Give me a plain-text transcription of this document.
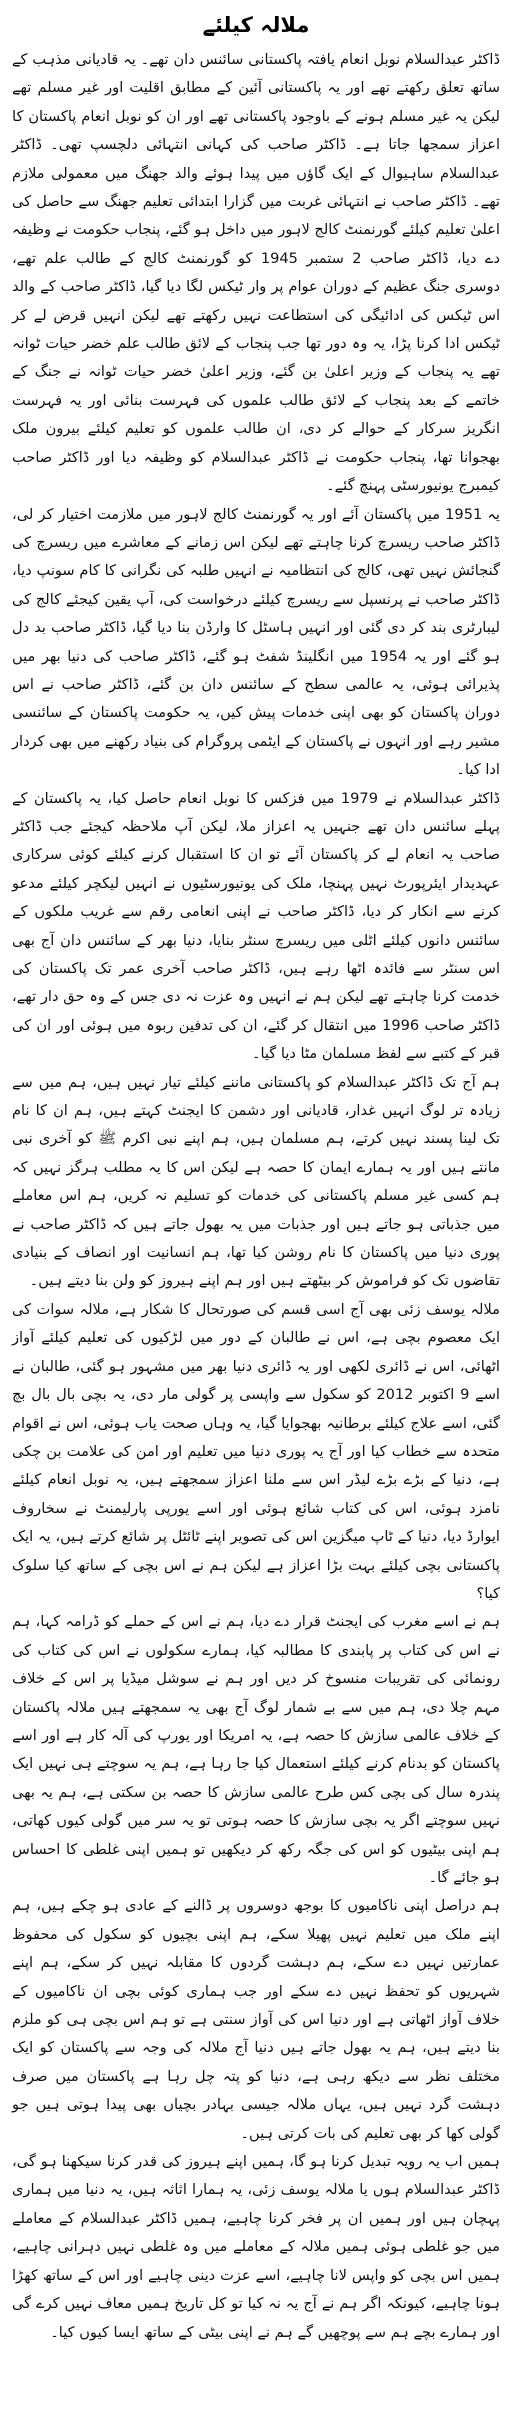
ملالہ کیلئے

ڈاکٹر عبدالسلام نوبل انعام یافتہ پاکستانی سائنس دان تھے۔ یہ قادیانی مذہب کے ساتھ تعلق رکھتے تھے اور یہ پاکستانی آئین کے مطابق اقلیت اور غیر مسلم تھے لیکن یہ غیر مسلم ہونے کے باوجود پاکستانی تھے اور ان کو نوبل انعام پاکستان کا اعزاز سمجھا جاتا ہے۔ ڈاکٹر صاحب کی کہانی انتہائی دلچسپ تھی۔ ڈاکٹر عبدالسلام ساہیوال کے ایک گاؤں میں پیدا ہوئے والد جھنگ میں معمولی ملازم تھے۔ ڈاکٹر صاحب نے انتہائی غربت میں گزارا ابتدائی تعلیم جھنگ سے حاصل کی اعلیٰ تعلیم کیلئے گورنمنٹ کالج لاہور میں داخل ہو گئے، پنجاب حکومت نے وظیفہ دے دیا، ڈاکٹر صاحب 2 ستمبر 1945 کو گورنمنٹ کالج کے طالب علم تھے، دوسری جنگ عظیم کے دوران عوام پر وار ٹیکس لگا دیا گیا، ڈاکٹر صاحب کے والد اس ٹیکس کی ادائیگی کی استطاعت نہیں رکھتے تھے لیکن انہیں قرض لے کر ٹیکس ادا کرنا پڑا، یہ وہ دور تھا جب پنجاب کے لائق طالب علم خضر حیات ٹوانہ تھے یہ پنجاب کے وزیر اعلیٰ بن گئے، وزیر اعلیٰ خضر حیات ٹوانہ نے جنگ کے خاتمے کے بعد پنجاب کے لائق طالب علموں کی فہرست بنائی اور یہ فہرست انگریز سرکار کے حوالے کر دی، ان طالب علموں کو تعلیم کیلئے بیرون ملک بھجوانا تھا، پنجاب حکومت نے ڈاکٹر عبدالسلام کو وظیفہ دیا اور ڈاکٹر صاحب کیمبرج یونیورسٹی پہنچ گئے۔

یہ 1951 میں پاکستان آئے اور یہ گورنمنٹ کالج لاہور میں ملازمت اختیار کر لی، ڈاکٹر صاحب ریسرچ کرنا چاہتے تھے لیکن اس زمانے کے معاشرے میں ریسرچ کی گنجائش نہیں تھی، کالج کی انتظامیہ نے انہیں طلبہ کی نگرانی کا کام سونپ دیا، ڈاکٹر صاحب نے پرنسپل سے ریسرچ کیلئے درخواست کی، آپ یقین کیجئے کالج کی لیبارٹری بند کر دی گئی اور انہیں ہاسٹل کا وارڈن بنا دیا گیا، ڈاکٹر صاحب بد دل ہو گئے اور یہ 1954 میں انگلینڈ شفٹ ہو گئے، ڈاکٹر صاحب کی دنیا بھر میں پذیرائی ہوئی، یہ عالمی سطح کے سائنس دان بن گئے، ڈاکٹر صاحب نے اس دوران پاکستان کو بھی اپنی خدمات پیش کیں، یہ حکومت پاکستان کے سائنسی مشیر رہے اور انہوں نے پاکستان کے ایٹمی پروگرام کی بنیاد رکھنے میں بھی کردار ادا کیا۔

ڈاکٹر عبدالسلام نے 1979 میں فزکس کا نوبل انعام حاصل کیا، یہ پاکستان کے پہلے سائنس دان تھے جنہیں یہ اعزاز ملا، لیکن آپ ملاحظہ کیجئے جب ڈاکٹر صاحب یہ انعام لے کر پاکستان آئے تو ان کا استقبال کرنے کیلئے کوئی سرکاری عہدیدار ایئرپورٹ نہیں پہنچا، ملک کی یونیورسٹیوں نے انہیں لیکچر کیلئے مدعو کرنے سے انکار کر دیا، ڈاکٹر صاحب نے اپنی انعامی رقم سے غریب ملکوں کے سائنس دانوں کیلئے اٹلی میں ریسرچ سنٹر بنایا، دنیا بھر کے سائنس دان آج بھی اس سنٹر سے فائدہ اٹھا رہے ہیں، ڈاکٹر صاحب آخری عمر تک پاکستان کی خدمت کرنا چاہتے تھے لیکن ہم نے انہیں وہ عزت نہ دی جس کے وہ حق دار تھے، ڈاکٹر صاحب 1996 میں انتقال کر گئے، ان کی تدفین ربوہ میں ہوئی اور ان کی قبر کے کتبے سے لفظ مسلمان مٹا دیا گیا۔

ہم آج تک ڈاکٹر عبدالسلام کو پاکستانی ماننے کیلئے تیار نہیں ہیں، ہم میں سے زیادہ تر لوگ انہیں غدار، قادیانی اور دشمن کا ایجنٹ کہتے ہیں، ہم ان کا نام تک لینا پسند نہیں کرتے، ہم مسلمان ہیں، ہم اپنے نبی اکرم ﷺ کو آخری نبی مانتے ہیں اور یہ ہمارے ایمان کا حصہ ہے لیکن اس کا یہ مطلب ہرگز نہیں کہ ہم کسی غیر مسلم پاکستانی کی خدمات کو تسلیم نہ کریں، ہم اس معاملے میں جذباتی ہو جاتے ہیں اور جذبات میں یہ بھول جاتے ہیں کہ ڈاکٹر صاحب نے پوری دنیا میں پاکستان کا نام روشن کیا تھا، ہم انسانیت اور انصاف کے بنیادی تقاضوں تک کو فراموش کر بیٹھتے ہیں اور ہم اپنے ہیروز کو ولن بنا دیتے ہیں۔

ملالہ یوسف زئی بھی آج اسی قسم کی صورتحال کا شکار ہے، ملالہ سوات کی ایک معصوم بچی ہے، اس نے طالبان کے دور میں لڑکیوں کی تعلیم کیلئے آواز اٹھائی، اس نے ڈائری لکھی اور یہ ڈائری دنیا بھر میں مشہور ہو گئی، طالبان نے اسے 9 اکتوبر 2012 کو سکول سے واپسی پر گولی مار دی، یہ بچی بال بال بچ گئی، اسے علاج کیلئے برطانیہ بھجوایا گیا، یہ وہاں صحت یاب ہوئی، اس نے اقوام متحدہ سے خطاب کیا اور آج یہ پوری دنیا میں تعلیم اور امن کی علامت بن چکی ہے، دنیا کے بڑے بڑے لیڈر اس سے ملنا اعزاز سمجھتے ہیں، یہ نوبل انعام کیلئے نامزد ہوئی، اس کی کتاب شائع ہوئی اور اسے یورپی پارلیمنٹ نے سخاروف ایوارڈ دیا، دنیا کے ٹاپ میگزین اس کی تصویر اپنے ٹائٹل پر شائع کرتے ہیں، یہ ایک پاکستانی بچی کیلئے بہت بڑا اعزاز ہے لیکن ہم نے اس بچی کے ساتھ کیا سلوک کیا؟

ہم نے اسے مغرب کی ایجنٹ قرار دے دیا، ہم نے اس کے حملے کو ڈرامہ کہا، ہم نے اس کی کتاب پر پابندی کا مطالبہ کیا، ہمارے سکولوں نے اس کی کتاب کی رونمائی کی تقریبات منسوخ کر دیں اور ہم نے سوشل میڈیا پر اس کے خلاف مہم چلا دی، ہم میں سے بے شمار لوگ آج بھی یہ سمجھتے ہیں ملالہ پاکستان کے خلاف عالمی سازش کا حصہ ہے، یہ امریکا اور یورپ کی آلہ کار ہے اور اسے پاکستان کو بدنام کرنے کیلئے استعمال کیا جا رہا ہے، ہم یہ سوچتے ہی نہیں ایک پندرہ سال کی بچی کس طرح عالمی سازش کا حصہ بن سکتی ہے، ہم یہ بھی نہیں سوچتے اگر یہ بچی سازش کا حصہ ہوتی تو یہ سر میں گولی کیوں کھاتی، ہم اپنی بیٹیوں کو اس کی جگہ رکھ کر دیکھیں تو ہمیں اپنی غلطی کا احساس ہو جائے گا۔

ہم دراصل اپنی ناکامیوں کا بوجھ دوسروں پر ڈالنے کے عادی ہو چکے ہیں، ہم اپنے ملک میں تعلیم نہیں پھیلا سکے، ہم اپنی بچیوں کو سکول کی محفوظ عمارتیں نہیں دے سکے، ہم دہشت گردوں کا مقابلہ نہیں کر سکے، ہم اپنے شہریوں کو تحفظ نہیں دے سکے اور جب ہماری کوئی بچی ان ناکامیوں کے خلاف آواز اٹھاتی ہے اور دنیا اس کی آواز سنتی ہے تو ہم اس بچی ہی کو ملزم بنا دیتے ہیں، ہم یہ بھول جاتے ہیں دنیا آج ملالہ کی وجہ سے پاکستان کو ایک مختلف نظر سے دیکھ رہی ہے، دنیا کو پتہ چل رہا ہے پاکستان میں صرف دہشت گرد نہیں ہیں، یہاں ملالہ جیسی بہادر بچیاں بھی پیدا ہوتی ہیں جو گولی کھا کر بھی تعلیم کی بات کرتی ہیں۔

ہمیں اب یہ رویہ تبدیل کرنا ہو گا، ہمیں اپنے ہیروز کی قدر کرنا سیکھنا ہو گی، ڈاکٹر عبدالسلام ہوں یا ملالہ یوسف زئی، یہ ہمارا اثاثہ ہیں، یہ دنیا میں ہماری پہچان ہیں اور ہمیں ان پر فخر کرنا چاہیے، ہمیں ڈاکٹر عبدالسلام کے معاملے میں جو غلطی ہوئی ہمیں ملالہ کے معاملے میں وہ غلطی نہیں دہرانی چاہیے، ہمیں اس بچی کو واپس لانا چاہیے، اسے عزت دینی چاہیے اور اس کے ساتھ کھڑا ہونا چاہیے، کیونکہ اگر ہم نے آج یہ نہ کیا تو کل تاریخ ہمیں معاف نہیں کرے گی اور ہمارے بچے ہم سے پوچھیں گے ہم نے اپنی بیٹی کے ساتھ ایسا کیوں کیا۔
